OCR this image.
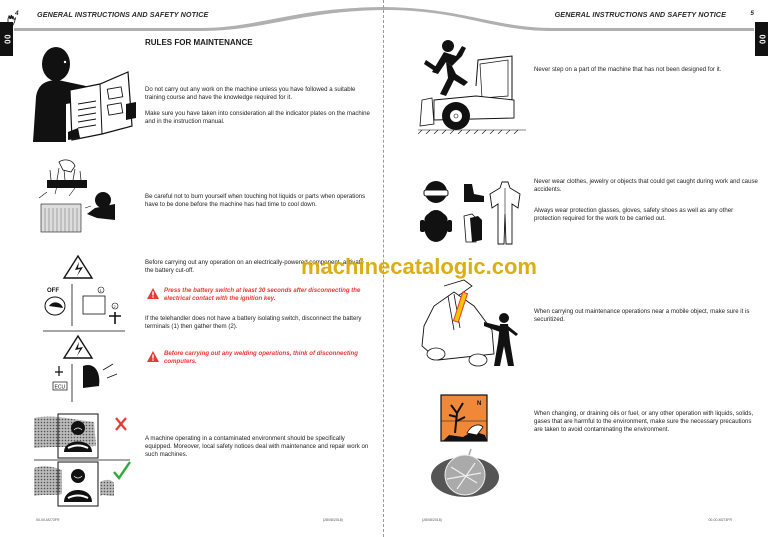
4	GENERAL INSTRUCTIONS AND SAFETY NOTICE
00	RULES FOR MAINTENANCE
Do not carry out any work on the machine unless you have followed a suitable training course and have the knowledge required for it.
Make sure you have taken into consideration all the indicator plates on the machine and in the instruction manual.
Be careful not to burn yourself when touching hot liquids or parts when operations have to be done before the machine has had time to cool down.
OFF	1
2
ECU
Before carrying out any operation on an electrically-powered component, activate the battery cut-off.
Press the battery switch at least 30 seconds after disconnecting the electrical contact with the ignition key.
If the telehandler does not have a battery isolating switch, disconnect the battery terminals (1) then gather them (2).
Before carrying out any welding operations, think of disconnecting computers.
A machine operating in a contaminated environment should be specifically equipped. Moreover, local safety notices deal with maintenance and repair work on such machines.
00-00-M273FR	(28/08/2018)
GENERAL INSTRUCTIONS AND SAFETY NOTICE	5
00
Never step on a part of the machine that has not been designed for it.
Never wear clothes, jewelry or objects that could get caught during work and cause accidents.
Always wear protection glasses, gloves, safety shoes as well as any other protection required for the work to be carried out.
When carrying out maintenance operations near a mobile object, make sure it is securitized.
N
When changing, or draining oils or fuel, or any other operation with liquids, solids, gases that are harmful to the environment, make sure the necessary precautions are taken to avoid contaminating the environment.
(28/08/2018)	00-00-M273FR
machinecatalogic.com
